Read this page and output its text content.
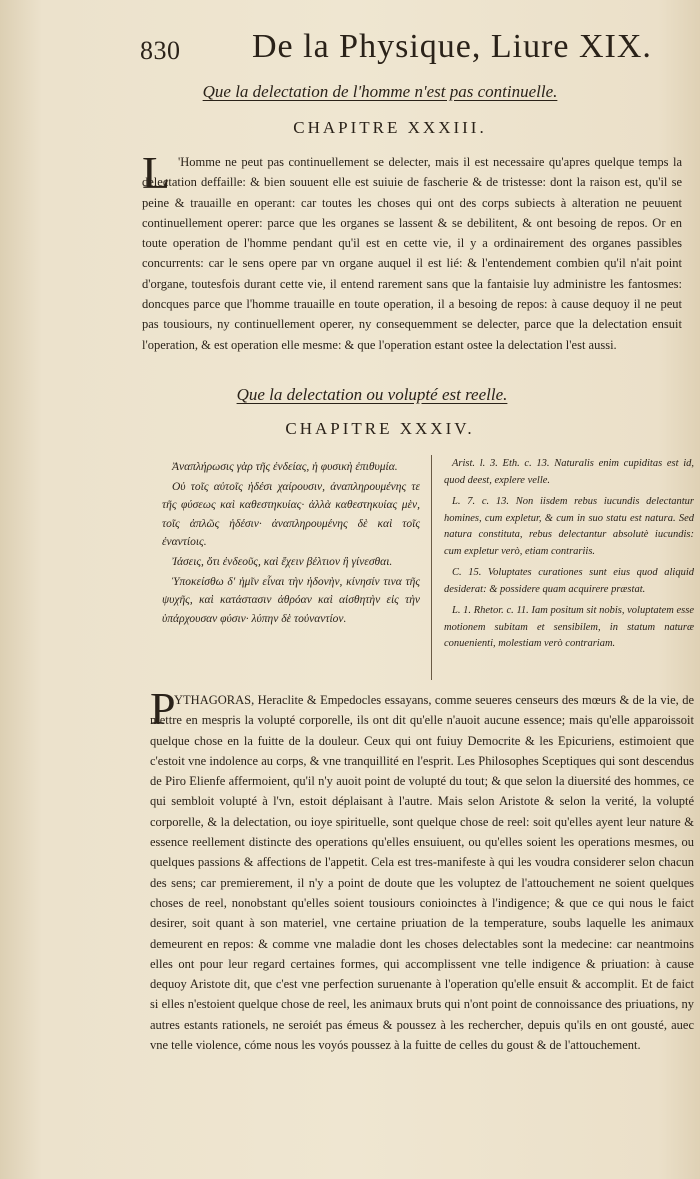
830 De la Physique, Liure XIX.
Que la delectation de l'homme n'est pas continuelle.
CHAPITRE XXXIII.
L 'Homme ne peut pas continuellement se delecter, mais il est necessaire qu'apres quelque temps la delectation deffaille: & bien souuent elle est suiuie de fascherie & de tristesse: dont la raison est, qu'il se peine & trauaille en operant: car toutes les choses qui ont des corps subiects à alteration ne peuuent continuellement operer: parce que les organes se lassent & se debilitent, & ont besoing de repos. Or en toute operation de l'homme pendant qu'il est en cette vie, il y a ordinairement des organes passibles concurrents: car le sens opere par vn organe auquel il est lié: & l'entendement combien qu'il n'ait point d'organe, toutesfois durant cette vie, il entend rarement sans que la fantaisie luy administre les fantosmes: doncques parce que l'homme trauaille en toute operation, il a besoing de repos: à cause dequoy il ne peut pas tousiours, ny continuellement operer, ny consequemment se delecter, parce que la delectation ensuit l'operation, & est operation elle mesme: & que l'operation estant ostee la delectation l'est aussi.
Que la delectation ou volupté est reelle.
CHAPITRE XXXIV.

Ἀναπλήρωσις γὰρ τῆς ἐνδείας, ἡ φυσικὴ ἐπιθυμία.

Οὐ τοῖς αὐτοῖς ἡδέσι χαίρουσιν, ἀναπληρουμένης τε τῆς φύσεως καὶ καθεστηκυίας· ἀλλὰ καθεστηκυίας μὲν, τοῖς ἁπλῶς ἡδέσιν· ἀναπληρουμένης δὲ καὶ τοῖς ἐναντίοις.

Ἰάσεις, ὅτι ἐνδεοῦς, καὶ ἔχειν βέλτιον ἢ γίνεσθαι.

Ὑποκείσθω δ' ἡμῖν εἶναι τὴν ἡδονὴν, κίνησίν τινα τῆς ψυχῆς, καὶ κατάστασιν ἀθρόαν καὶ αἰσθητὴν εἰς τὴν ὑπάρχουσαν φύσιν· λύπην δὲ τοὐναντίον.

Arist. l. 3. Eth. c. 13. Naturalis enim cupiditas est id, quod deest, explere velle.

L. 7. c. 13. Non iisdem rebus iucundis delectantur homines, cum expletur, & cum in suo statu est natura. Sed natura constituta, rebus delectantur absolutè iucundis: cum expletur verò, etiam contrariis.

C. 15. Voluptates curationes sunt eius quod aliquid desiderat: & possidere quam acquirere præstat.

L. 1. Rhetor. c. 11. Iam positum sit nobis, voluptatem esse motionem subitam et sensibilem, in statum naturæ conuenienti, molestiam verò contrariam.

P
YTHAGORAS, Heraclite & Empedocles essayans, comme seueres censeurs des mœurs & de la vie, de mettre en mespris la volupté corporelle, ils ont dit qu'elle n'auoit aucune essence; mais qu'elle apparoissoit quelque chose en la fuitte de la douleur. Ceux qui ont fuiuy Democrite & les Epicuriens, estimoient que c'estoit vne indolence au corps, & vne tranquillité en l'esprit. Les Philosophes Sceptiques qui sont descendus de Piro Elienfe affermoient, qu'il n'y auoit point de volupté du tout; & que selon la diuersité des hommes, ce qui sembloit volupté à l'vn, estoit déplaisant à l'autre. Mais selon Aristote & selon la verité, la volupté corporelle, & la delectation, ou ioye spirituelle, sont quelque chose de reel: soit qu'elles ayent leur nature & essence reellement distincte des operations qu'elles ensuiuent, ou qu'elles soient les operations mesmes, ou quelques passions & affections de l'appetit. Cela est tres-manifeste à qui les voudra considerer selon chacun des sens; car premierement, il n'y a point de doute que les voluptez de l'attouchement ne soient quelques choses de reel, nonobstant qu'elles soient tousiours conioinctes à l'indigence; & que ce qui nous le faict desirer, soit quant à son materiel, vne certaine priuation de la temperature, soubs laquelle les animaux demeurent en repos: & comme vne maladie dont les choses delectables sont la medecine: car neantmoins elles ont pour leur regard certaines formes, qui accomplissent vne telle indigence & priuation: à cause dequoy Aristote dit, que c'est vne perfection suruenante à l'operation qu'elle ensuit & accomplit. Et de faict si elles n'estoient quelque chose de reel, les animaux bruts qui n'ont point de connoissance des priuations, ny autres estants rationels, ne seroiét pas émeus & poussez à les rechercher, depuis qu'ils en ont gousté, auec vne telle violence, cóme nous les voyós poussez à la fuitte de celles du goust & de l'attouchement.
